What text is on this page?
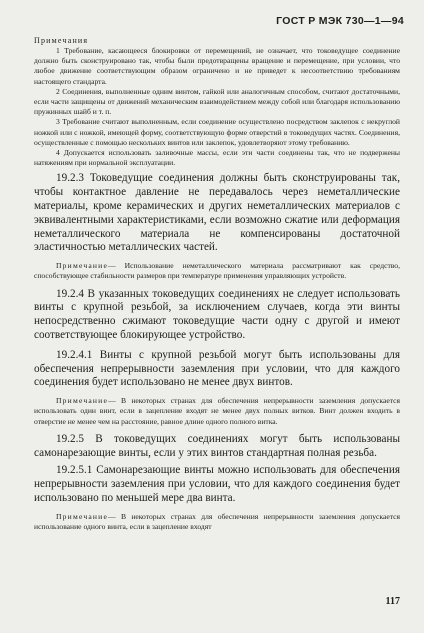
ГОСТ Р МЭК 730—1—94

Примечания

1 Требование, касающееся блокировки от перемещений, не означает, что токоведущее соединение должно быть сконструировано так, чтобы были предотвращены вращение и перемещение, при условии, что любое движение соответствующим образом ограничено и не приведет к несоответствию требованиям настоящего стандарта.

2 Соединения, выполненные одним винтом, гайкой или аналогичным способом, считают достаточными, если части защищены от движений механическим взаимодействием между собой или благодаря использованию пружинных шайб и т. п.

3 Требование считают выполненным, если соединение осуществлено посредством заклепок с некруглой ножкой или с ножкой, имеющей форму, соответствующую форме отверстий в токоведущих частях. Соединения, осуществленные с помощью нескольких винтов или заклепок, удовлетворяют этому требованию.

4 Допускается использовать заливочные массы, если эти части соединены так, что не подвержены натяжениям при нормальной эксплуатации.

19.2.3 Токоведущие соединения должны быть сконструированы так, чтобы контактное давление не передавалось через неметаллические материалы, кроме керамических и других неметаллических материалов с эквивалентными характеристиками, если возможно сжатие или деформация неметаллического материала не компенсированы достаточной эластичностью металлических частей.

Примечание— Использование неметаллического материала рассматривают как средство, способствующее стабильности размеров при температуре применения управляющих устройств.

19.2.4 В указанных токоведущих соединениях не следует использовать винты с крупной резьбой, за исключением случаев, когда эти винты непосредственно сжимают токоведущие части одну с другой и имеют соответствующее блокирующее устройство.

19.2.4.1 Винты с крупной резьбой могут быть использованы для обеспечения непрерывности заземления при условии, что для каждого соединения будет использовано не менее двух винтов.

Примечание— В некоторых странах для обеспечения непрерывности заземления допускается использовать один винт, если в зацепление входят не менее двух полных витков. Винт должен входить в отверстие не менее чем на расстояние, равное длине одного полного витка.

19.2.5 В токоведущих соединениях могут быть использованы самонарезающие винты, если у этих винтов стандартная полная резьба.

19.2.5.1 Самонарезающие винты можно использовать для обеспечения непрерывности заземления при условии, что для каждого соединения будет использовано по меньшей мере два винта.

Примечание— В некоторых странах для обеспечения непрерывности заземления допускается использование одного винта, если в зацепление входят

117
